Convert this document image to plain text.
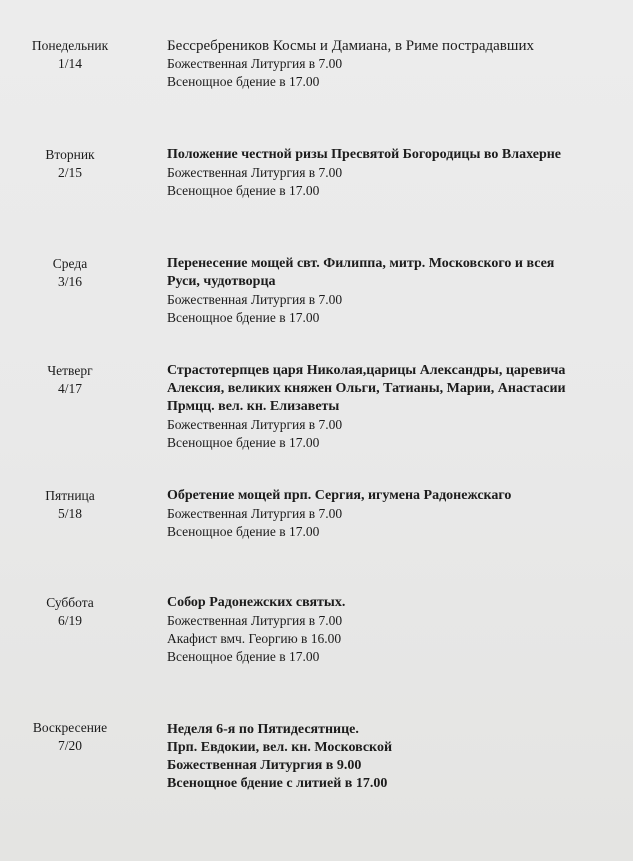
Понедельник
1/14
Бессребреников Космы и Дамиана, в Риме пострадавших
Божественная Литургия в 7.00
Всенощное бдение в 17.00
Вторник
2/15
Положение честной ризы Пресвятой Богородицы во Влахерне
Божественная Литургия в 7.00
Всенощное бдение в 17.00
Среда
3/16
Перенесение мощей свт. Филиппа, митр. Московского и всея
Руси, чудотворца
Божественная Литургия в 7.00
Всенощное бдение в 17.00
Четверг
4/17
Страстотерпцев царя Николая,царицы Александры, царевича
Алексия, великих княжен Ольги, Татианы, Марии, Анастасии
Прмцц. вел. кн. Елизаветы
Божественная Литургия в 7.00
Всенощное бдение в 17.00
Пятница
5/18
Обретение мощей прп. Сергия, игумена Радонежскаго
Божественная Литургия в 7.00
Всенощное бдение в 17.00
Суббота
6/19
Собор Радонежских святых.
Божественная Литургия в 7.00
Акафист вмч. Георгию в 16.00
Всенощное бдение в 17.00
Воскресение
7/20
Неделя 6-я по Пятидесятнице.
Прп. Евдокии, вел. кн. Московской
Божественная Литургия в 9.00
Всенощное бдение с литией в 17.00
